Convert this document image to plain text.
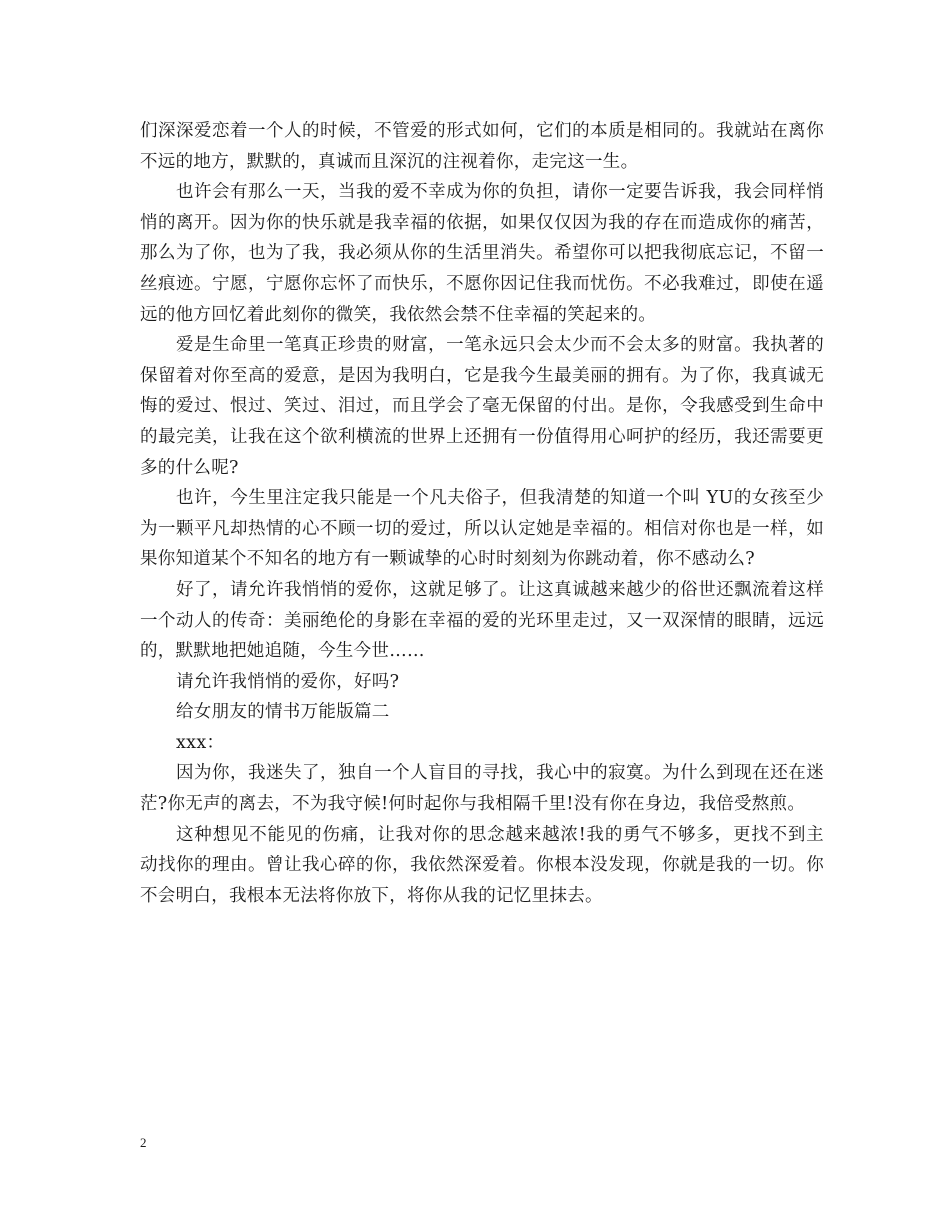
们深深爱恋着一个人的时候，不管爱的形式如何，它们的本质是相同的。我就站在离你不远的地方，默默的，真诚而且深沉的注视着你，走完这一生。

也许会有那么一天，当我的爱不幸成为你的负担，请你一定要告诉我，我会同样悄悄的离开。因为你的快乐就是我幸福的依据，如果仅仅因为我的存在而造成你的痛苦，那么为了你，也为了我，我必须从你的生活里消失。希望你可以把我彻底忘记，不留一丝痕迹。宁愿，宁愿你忘怀了而快乐，不愿你因记住我而忧伤。不必我难过，即使在遥远的他方回忆着此刻你的微笑，我依然会禁不住幸福的笑起来的。

爱是生命里一笔真正珍贵的财富，一笔永远只会太少而不会太多的财富。我执著的保留着对你至高的爱意，是因为我明白，它是我今生最美丽的拥有。为了你，我真诚无悔的爱过、恨过、笑过、泪过，而且学会了毫无保留的付出。是你，令我感受到生命中的最完美，让我在这个欲利横流的世界上还拥有一份值得用心呵护的经历，我还需要更多的什么呢?

也许，今生里注定我只能是一个凡夫俗子，但我清楚的知道一个叫 YU的女孩至少为一颗平凡却热情的心不顾一切的爱过，所以认定她是幸福的。相信对你也是一样，如果你知道某个不知名的地方有一颗诚挚的心时时刻刻为你跳动着，你不感动么?

好了，请允许我悄悄的爱你，这就足够了。让这真诚越来越少的俗世还飘流着这样一个动人的传奇：美丽绝伦的身影在幸福的爱的光环里走过，又一双深情的眼睛，远远的，默默地把她追随，今生今世……

请允许我悄悄的爱你，好吗?

给女朋友的情书万能版篇二

xxx：

因为你，我迷失了，独自一个人盲目的寻找，我心中的寂寞。为什么到现在还在迷茫?你无声的离去，不为我守候!何时起你与我相隔千里!没有你在身边，我倍受熬煎。

这种想见不能见的伤痛，让我对你的思念越来越浓!我的勇气不够多，更找不到主动找你的理由。曾让我心碎的你，我依然深爱着。你根本没发现，你就是我的一切。你不会明白，我根本无法将你放下，将你从我的记忆里抹去。

2
